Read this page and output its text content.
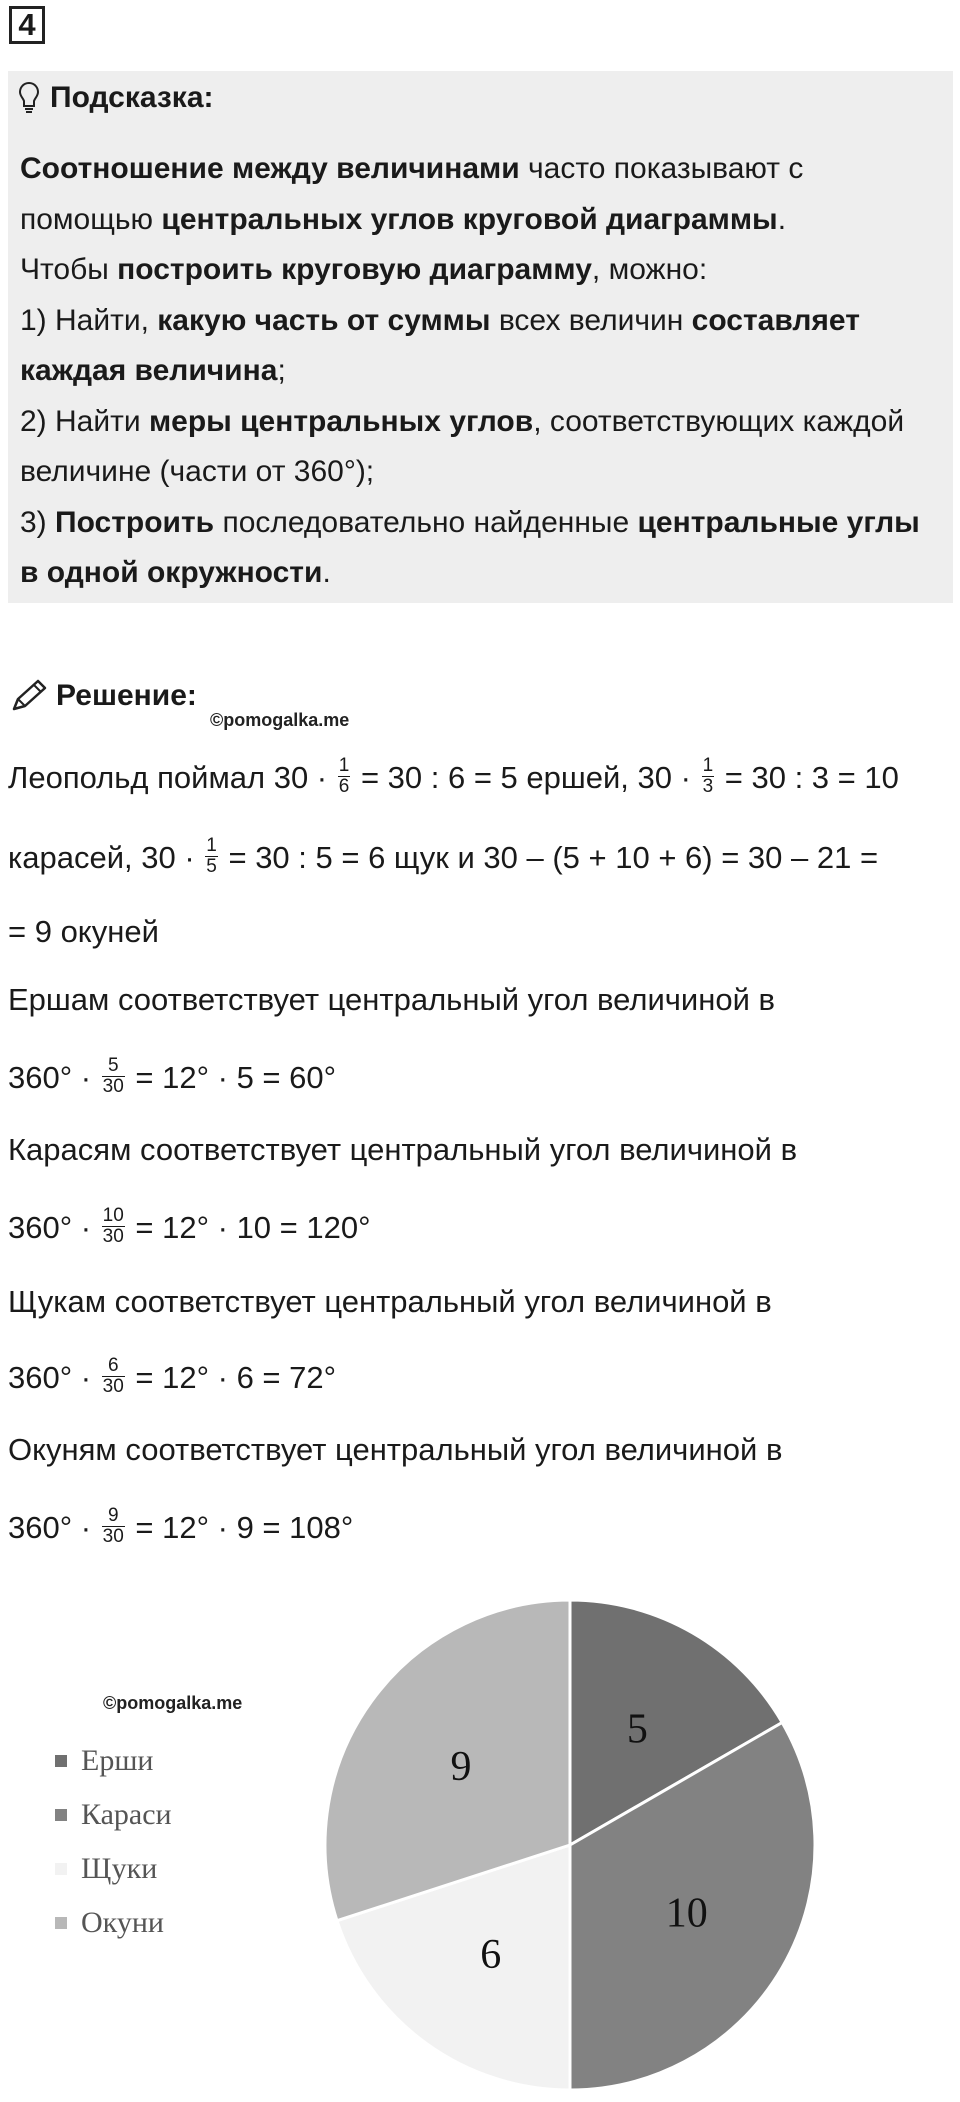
4
Подсказка:

Соотношение между величинами часто показывают с помощью центральных углов круговой диаграммы.

Чтобы построить круговую диаграмму, можно:

1) Найти, какую часть от суммы всех величин составляет каждая величина;

2) Найти меры центральных углов, соответствующих каждой величине (части от 360°);

3) Построить последовательно найденные центральные углы в одной окружности.

Решение:
©pomogalka.me
Леопольд поймал $30 \cdot \frac{1}{6} = 30$ : 6 = 5 ершей, $30 \cdot \frac{1}{3} = 30$ : 3 = 10
карасей, $30 \cdot \frac{1}{5} = 30$ : 5 = 6 щук и 30 – (5 + 10 + 6) = 30 – 21 =
= 9 окуней
Ершам соответствует центральный угол величиной в
$360^\circ \cdot \frac{5}{30} = 12^\circ \cdot 5 = 60^\circ$
Карасям соответствует центральный угол величиной в
$360^\circ \cdot \frac{10}{30} = 12^\circ \cdot 10 = 120^\circ$
Щукам соответствует центральный угол величиной в
$360^\circ \cdot \frac{6}{30} = 12^\circ \cdot 6 = 72^\circ$
Окуням соответствует центральный угол величиной в
$360^\circ \cdot \frac{9}{30} = 12^\circ \cdot 9 = 108^\circ$
©pomogalka.me
Ерши
Караси
Щуки
Окуни
5
10
6
9
